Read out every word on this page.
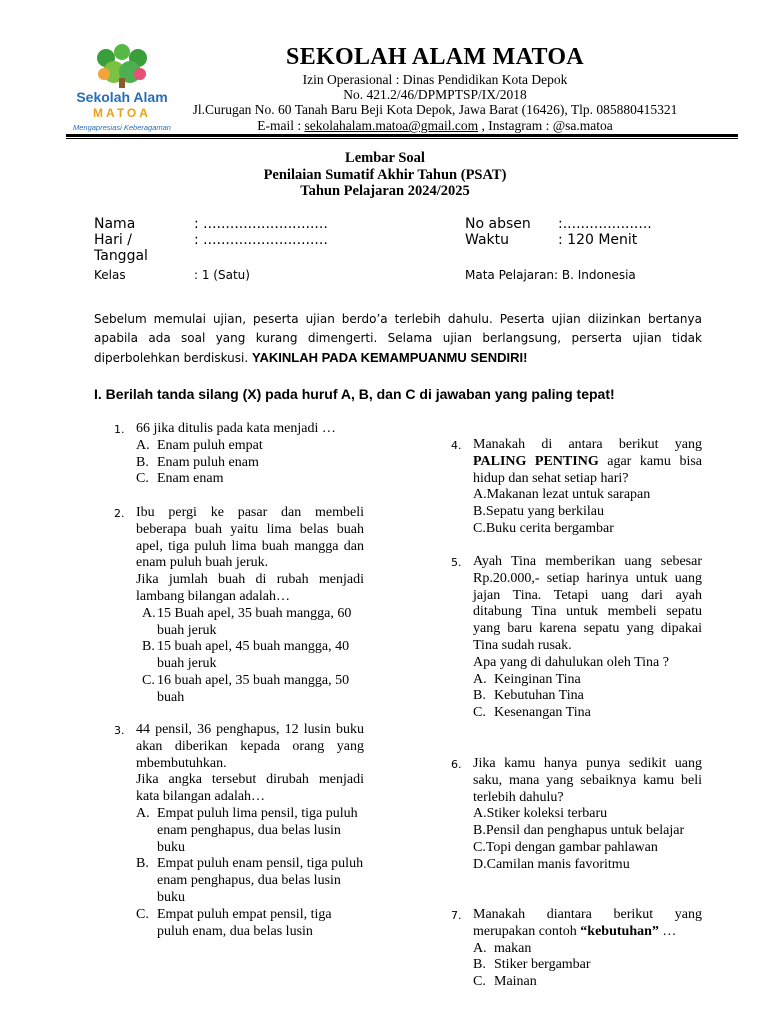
Sekolah Alam
MATOA
Mengapresiasi Keberagaman
SEKOLAH ALAM MATOA
Izin Operasional : Dinas Pendidikan Kota Depok
No. 421.2/46/DPMPTSP/IX/2018
Jl.Curugan No. 60 Tanah Baru Beji Kota Depok, Jawa Barat (16426), Tlp. 085880415321
E-mail : sekolahalam.matoa@gmail.com , Instagram : @sa.matoa
Lembar Soal
Penilaian Sumatif Akhir Tahun (PSAT)
Tahun Pelajaran 2024/2025
Nama	: ............................
Hari / Tanggal
: ............................
Kelas	: 1 (Satu)
No absen :....................
Waktu	: 120 Menit
Mata Pelajaran: B. Indonesia
Sebelum memulai ujian, peserta ujian berdo’a terlebih dahulu. Peserta ujian diizinkan bertanya apabila ada soal yang kurang dimengerti. Selama ujian berlangsung, perserta ujian tidak diperbolehkan berdiskusi. YAKINLAH PADA KEMAMPUANMU SENDIRI!
I. Berilah tanda silang (X) pada huruf A, B, dan C di jawaban yang paling tepat!
1. 66 jika ditulis pada kata menjadi …
A. Enam puluh empat
B. Enam puluh enam
C. Enam enam
2. Ibu pergi ke pasar dan membeli beberapa buah yaitu lima belas buah apel, tiga puluh lima buah mangga dan enam puluh buah jeruk.
Jika jumlah buah di rubah menjadi lambang bilangan adalah…
A. 15 Buah apel, 35 buah mangga, 60 buah jeruk
B. 15 buah apel, 45 buah mangga, 40 buah jeruk
C. 16 buah apel, 35 buah mangga, 50 buah
3. 44 pensil, 36 penghapus, 12 lusin buku akan diberikan kepada orang yang mbembutuhkan.
Jika angka tersebut dirubah menjadi kata bilangan adalah…
A. Empat puluh lima pensil, tiga puluh enam penghapus, dua belas lusin buku
B. Empat puluh enam pensil, tiga puluh enam penghapus, dua belas lusin buku
C. Empat puluh empat pensil, tiga puluh enam, dua belas lusin
4. Manakah di antara berikut yang PALING PENTING agar kamu bisa hidup dan sehat setiap hari?
A.Makanan lezat untuk sarapan
B.Sepatu yang berkilau
C.Buku cerita bergambar
5. Ayah Tina memberikan uang sebesar Rp.20.000,- setiap harinya untuk uang jajan Tina. Tetapi uang dari ayah ditabung Tina untuk membeli sepatu yang baru karena sepatu yang dipakai Tina sudah rusak.
Apa yang di dahulukan oleh Tina ?
A. Keinginan Tina
B. Kebutuhan Tina
C. Kesenangan Tina
6. Jika kamu hanya punya sedikit uang saku, mana yang sebaiknya kamu beli terlebih dahulu?
A.Stiker koleksi terbaru
B.Pensil dan penghapus untuk belajar
C.Topi dengan gambar pahlawan
D.Camilan manis favoritmu
7. Manakah diantara berikut yang merupakan contoh “kebutuhan” …
A. makan
B. Stiker bergambar
C. Mainan
